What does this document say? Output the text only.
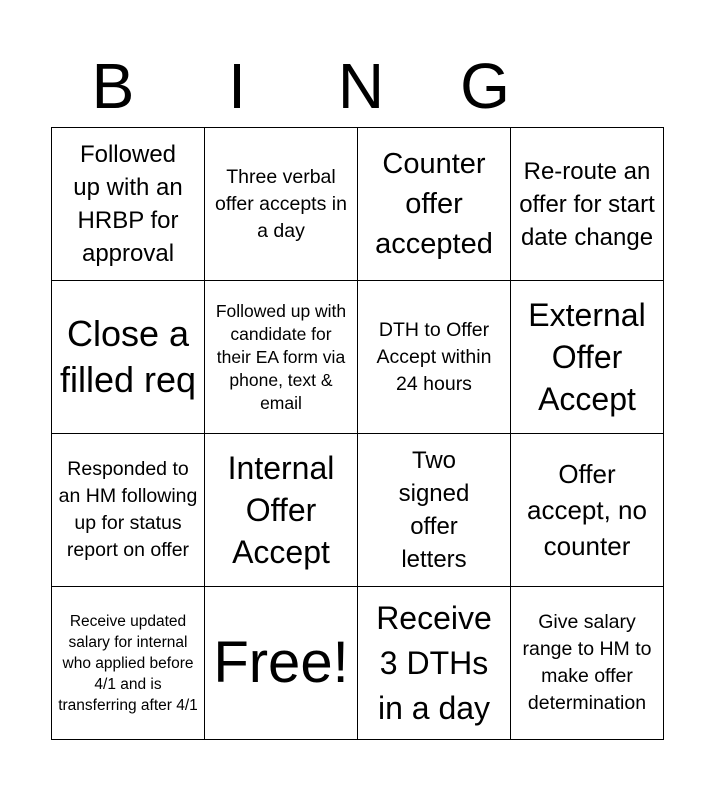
B	I	N	G
Followed up with an HRBP for approval	Three verbal offer accepts in a day	Counter offer accepted	Re-route an offer for start date change

Close a filled req	Followed up with candidate for their EA form via phone, text & email	DTH to Offer Accept within 24 hours	External Offer Accept

Responded to an HM following up for status report on offer	Internal Offer Accept	Two signed offer letters	Offer accept, no counter

Receive updated salary for internal who applied before 4/1 and is transferring after 4/1	Free!	Receive 3 DTHs in a day	Give salary range to HM to make offer determination
